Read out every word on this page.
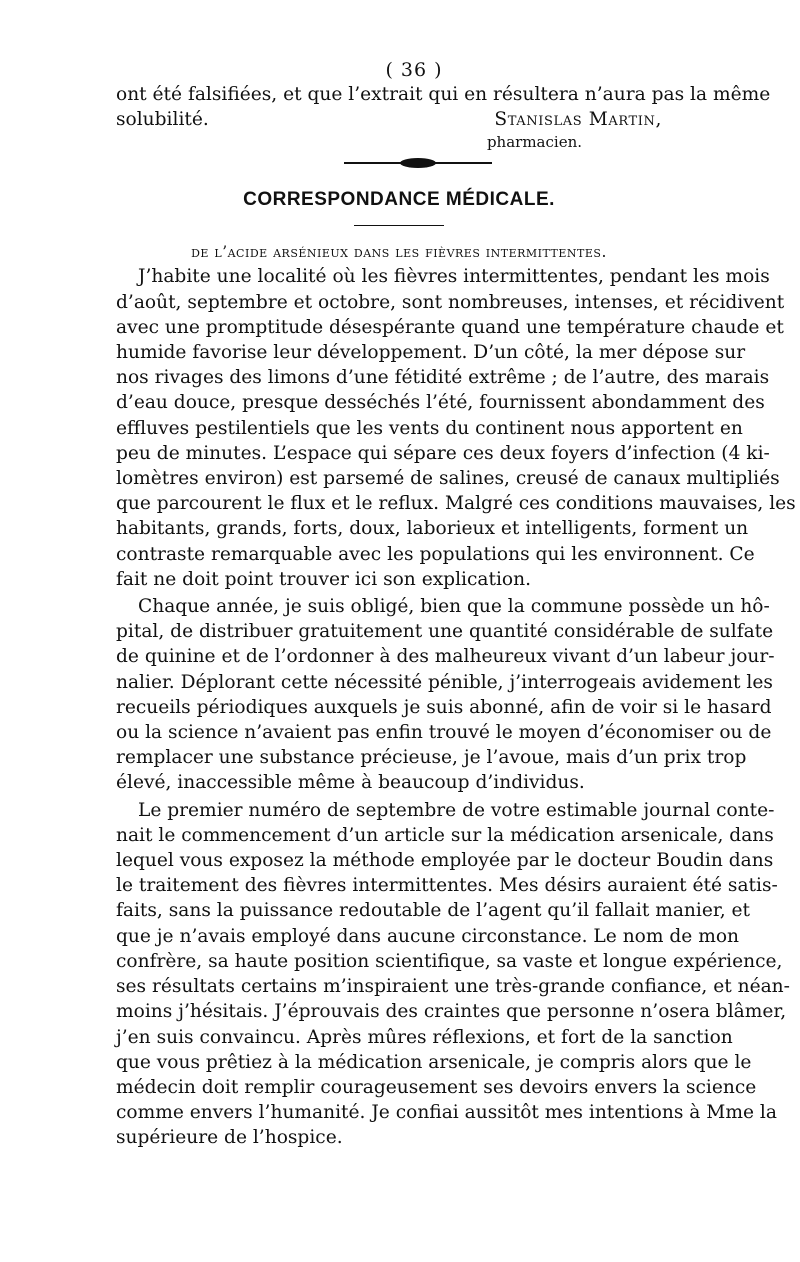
( 36 )
ont été falsifiées, et que l’extrait qui en résultera n’aura pas la même
solubilité.	Stanislas Martin,
pharmacien.
CORRESPONDANCE MÉDICALE.
de l’acide arsénieux dans les fièvres intermittentes.
J’habite une localité où les fièvres intermittentes, pendant les mois
d’août, septembre et octobre, sont nombreuses, intenses, et récidivent
avec une promptitude désespérante quand une température chaude et
humide favorise leur développement. D’un côté, la mer dépose sur
nos rivages des limons d’une fétidité extrême ; de l’autre, des marais
d’eau douce, presque desséchés l’été, fournissent abondamment des
effluves pestilentiels que les vents du continent nous apportent en
peu de minutes. L’espace qui sépare ces deux foyers d’infection (4 ki-
lomètres environ) est parsemé de salines, creusé de canaux multipliés
que parcourent le flux et le reflux. Malgré ces conditions mauvaises, les
habitants, grands, forts, doux, laborieux et intelligents, forment un
contraste remarquable avec les populations qui les environnent. Ce
fait ne doit point trouver ici son explication.
Chaque année, je suis obligé, bien que la commune possède un hô-
pital, de distribuer gratuitement une quantité considérable de sulfate
de quinine et de l’ordonner à des malheureux vivant d’un labeur jour-
nalier. Déplorant cette nécessité pénible, j’interrogeais avidement les
recueils périodiques auxquels je suis abonné, afin de voir si le hasard
ou la science n’avaient pas enfin trouvé le moyen d’économiser ou de
remplacer une substance précieuse, je l’avoue, mais d’un prix trop
élevé, inaccessible même à beaucoup d’individus.
Le premier numéro de septembre de votre estimable journal conte-
nait le commencement d’un article sur la médication arsenicale, dans
lequel vous exposez la méthode employée par le docteur Boudin dans
le traitement des fièvres intermittentes. Mes désirs auraient été satis-
faits, sans la puissance redoutable de l’agent qu’il fallait manier, et
que je n’avais employé dans aucune circonstance. Le nom de mon
confrère, sa haute position scientifique, sa vaste et longue expérience,
ses résultats certains m’inspiraient une très-grande confiance, et néan-
moins j’hésitais. J’éprouvais des craintes que personne n’osera blâmer,
j’en suis convaincu. Après mûres réflexions, et fort de la sanction
que vous prêtiez à la médication arsenicale, je compris alors que le
médecin doit remplir courageusement ses devoirs envers la science
comme envers l’humanité. Je confiai aussitôt mes intentions à Mme la
supérieure de l’hospice.
